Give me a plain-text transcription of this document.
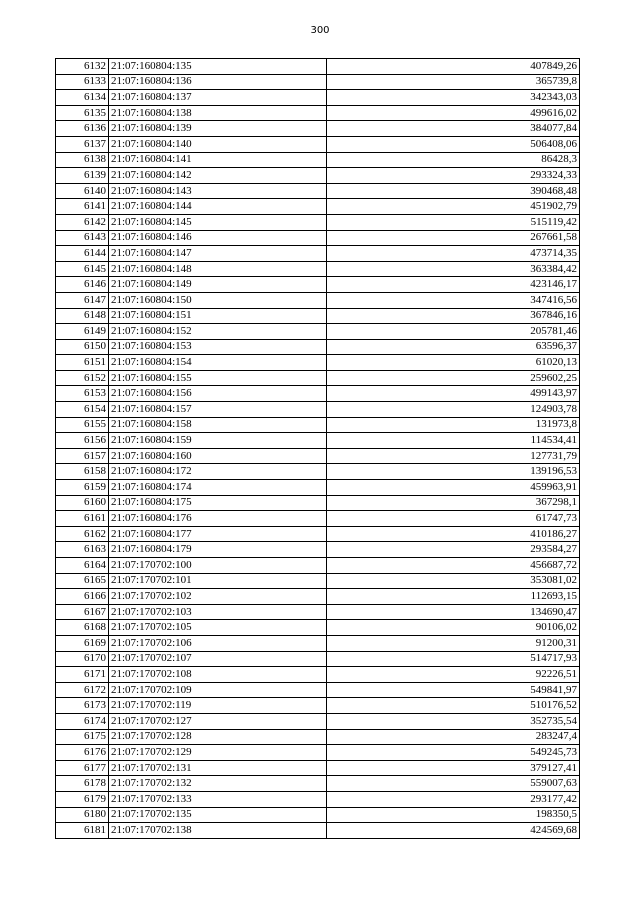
300
6132	21:07:160804:135	407849,26
6133	21:07:160804:136	365739,8
6134	21:07:160804:137	342343,03
6135	21:07:160804:138	499616,02
6136	21:07:160804:139	384077,84
6137	21:07:160804:140	506408,06
6138	21:07:160804:141	86428,3
6139	21:07:160804:142	293324,33
6140	21:07:160804:143	390468,48
6141	21:07:160804:144	451902,79
6142	21:07:160804:145	515119,42
6143	21:07:160804:146	267661,58
6144	21:07:160804:147	473714,35
6145	21:07:160804:148	363384,42
6146	21:07:160804:149	423146,17
6147	21:07:160804:150	347416,56
6148	21:07:160804:151	367846,16
6149	21:07:160804:152	205781,46
6150	21:07:160804:153	63596,37
6151	21:07:160804:154	61020,13
6152	21:07:160804:155	259602,25
6153	21:07:160804:156	499143,97
6154	21:07:160804:157	124903,78
6155	21:07:160804:158	131973,8
6156	21:07:160804:159	114534,41
6157	21:07:160804:160	127731,79
6158	21:07:160804:172	139196,53
6159	21:07:160804:174	459963,91
6160	21:07:160804:175	367298,1
6161	21:07:160804:176	61747,73
6162	21:07:160804:177	410186,27
6163	21:07:160804:179	293584,27
6164	21:07:170702:100	456687,72
6165	21:07:170702:101	353081,02
6166	21:07:170702:102	112693,15
6167	21:07:170702:103	134690,47
6168	21:07:170702:105	90106,02
6169	21:07:170702:106	91200,31
6170	21:07:170702:107	514717,93
6171	21:07:170702:108	92226,51
6172	21:07:170702:109	549841,97
6173	21:07:170702:119	510176,52
6174	21:07:170702:127	352735,54
6175	21:07:170702:128	283247,4
6176	21:07:170702:129	549245,73
6177	21:07:170702:131	379127,41
6178	21:07:170702:132	559007,63
6179	21:07:170702:133	293177,42
6180	21:07:170702:135	198350,5
6181	21:07:170702:138	424569,68
